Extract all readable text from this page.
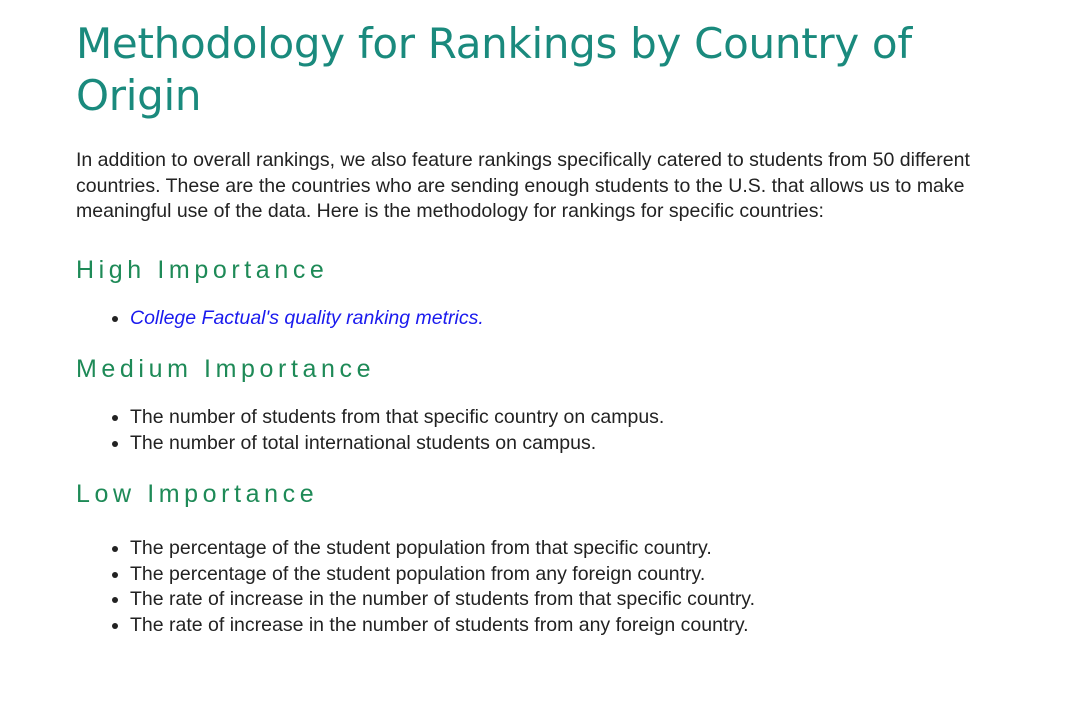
Methodology for Rankings by Country of Origin

In addition to overall rankings, we also feature rankings specifically catered to students from 50 different countries. These are the countries who are sending enough students to the U.S. that allows us to make meaningful use of the data. Here is the methodology for rankings for specific countries:

High Importance
• College Factual's quality ranking metrics.
Medium Importance
• The number of students from that specific country on campus.
• The number of total international students on campus.
Low Importance
• The percentage of the student population from that specific country.
• The percentage of the student population from any foreign country.
• The rate of increase in the number of students from that specific country.
• The rate of increase in the number of students from any foreign country.
